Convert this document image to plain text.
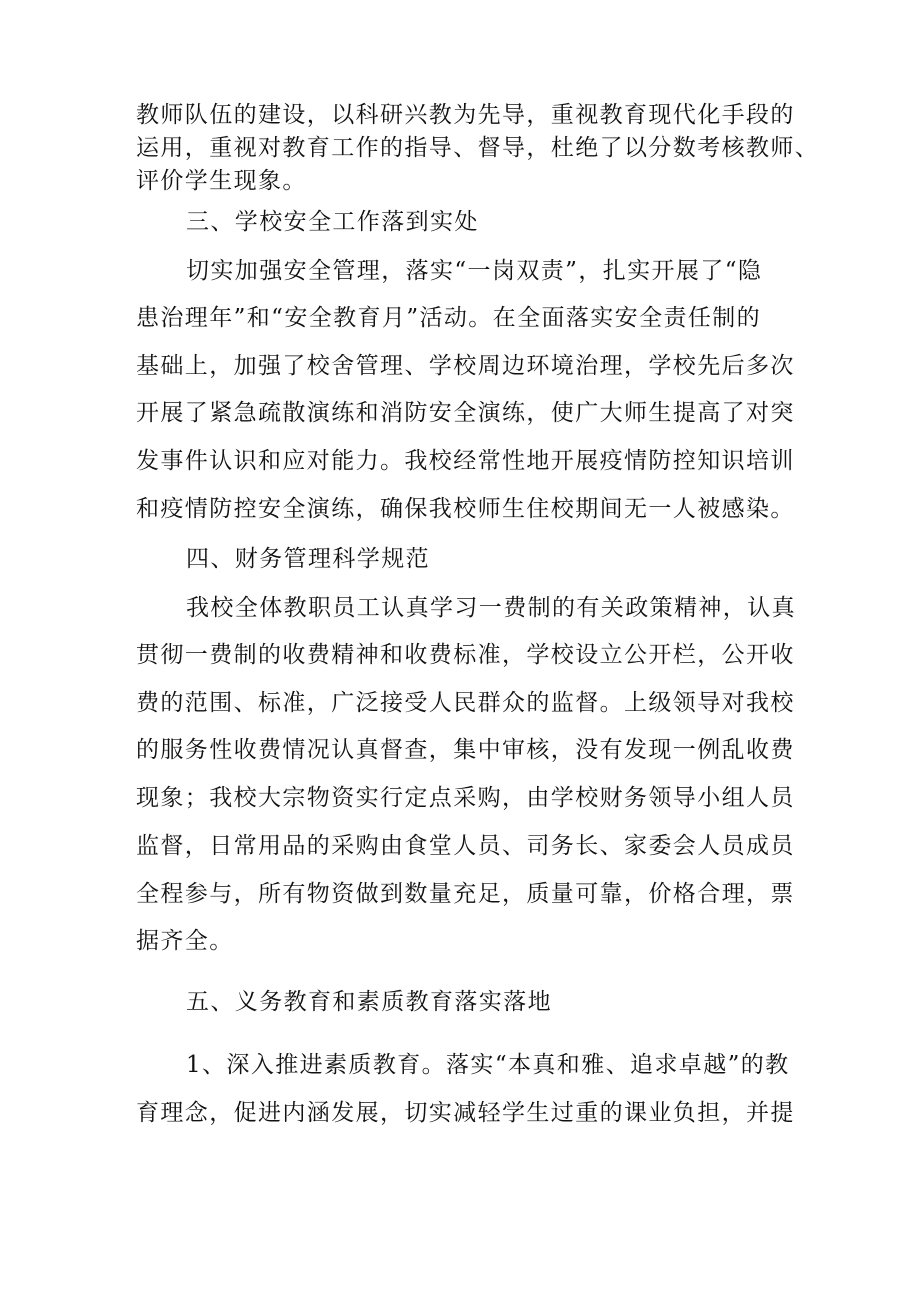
教师队伍的建设，以科研兴教为先导，重视教育现代化手段的
运用，重视对教育工作的指导、督导，杜绝了以分数考核教师、
评价学生现象。
三、学校安全工作落到实处
切实加强安全管理，落实“一岗双责”，扎实开展了“隐
患治理年”和“安全教育月”活动。在全面落实安全责任制的
基础上，加强了校舍管理、学校周边环境治理，学校先后多次
开展了紧急疏散演练和消防安全演练，使广大师生提高了对突
发事件认识和应对能力。我校经常性地开展疫情防控知识培训
和疫情防控安全演练，确保我校师生住校期间无一人被感染。
四、财务管理科学规范
我校全体教职员工认真学习一费制的有关政策精神，认真
贯彻一费制的收费精神和收费标准，学校设立公开栏，公开收
费的范围、标准，广泛接受人民群众的监督。上级领导对我校
的服务性收费情况认真督查，集中审核，没有发现一例乱收费
现象；我校大宗物资实行定点采购，由学校财务领导小组人员
监督，日常用品的采购由食堂人员、司务长、家委会人员成员
全程参与，所有物资做到数量充足，质量可靠，价格合理，票
据齐全。
五、义务教育和素质教育落实落地
1、深入推进素质教育。落实“本真和雅、追求卓越”的教
育理念，促进内涵发展，切实减轻学生过重的课业负担，并提
